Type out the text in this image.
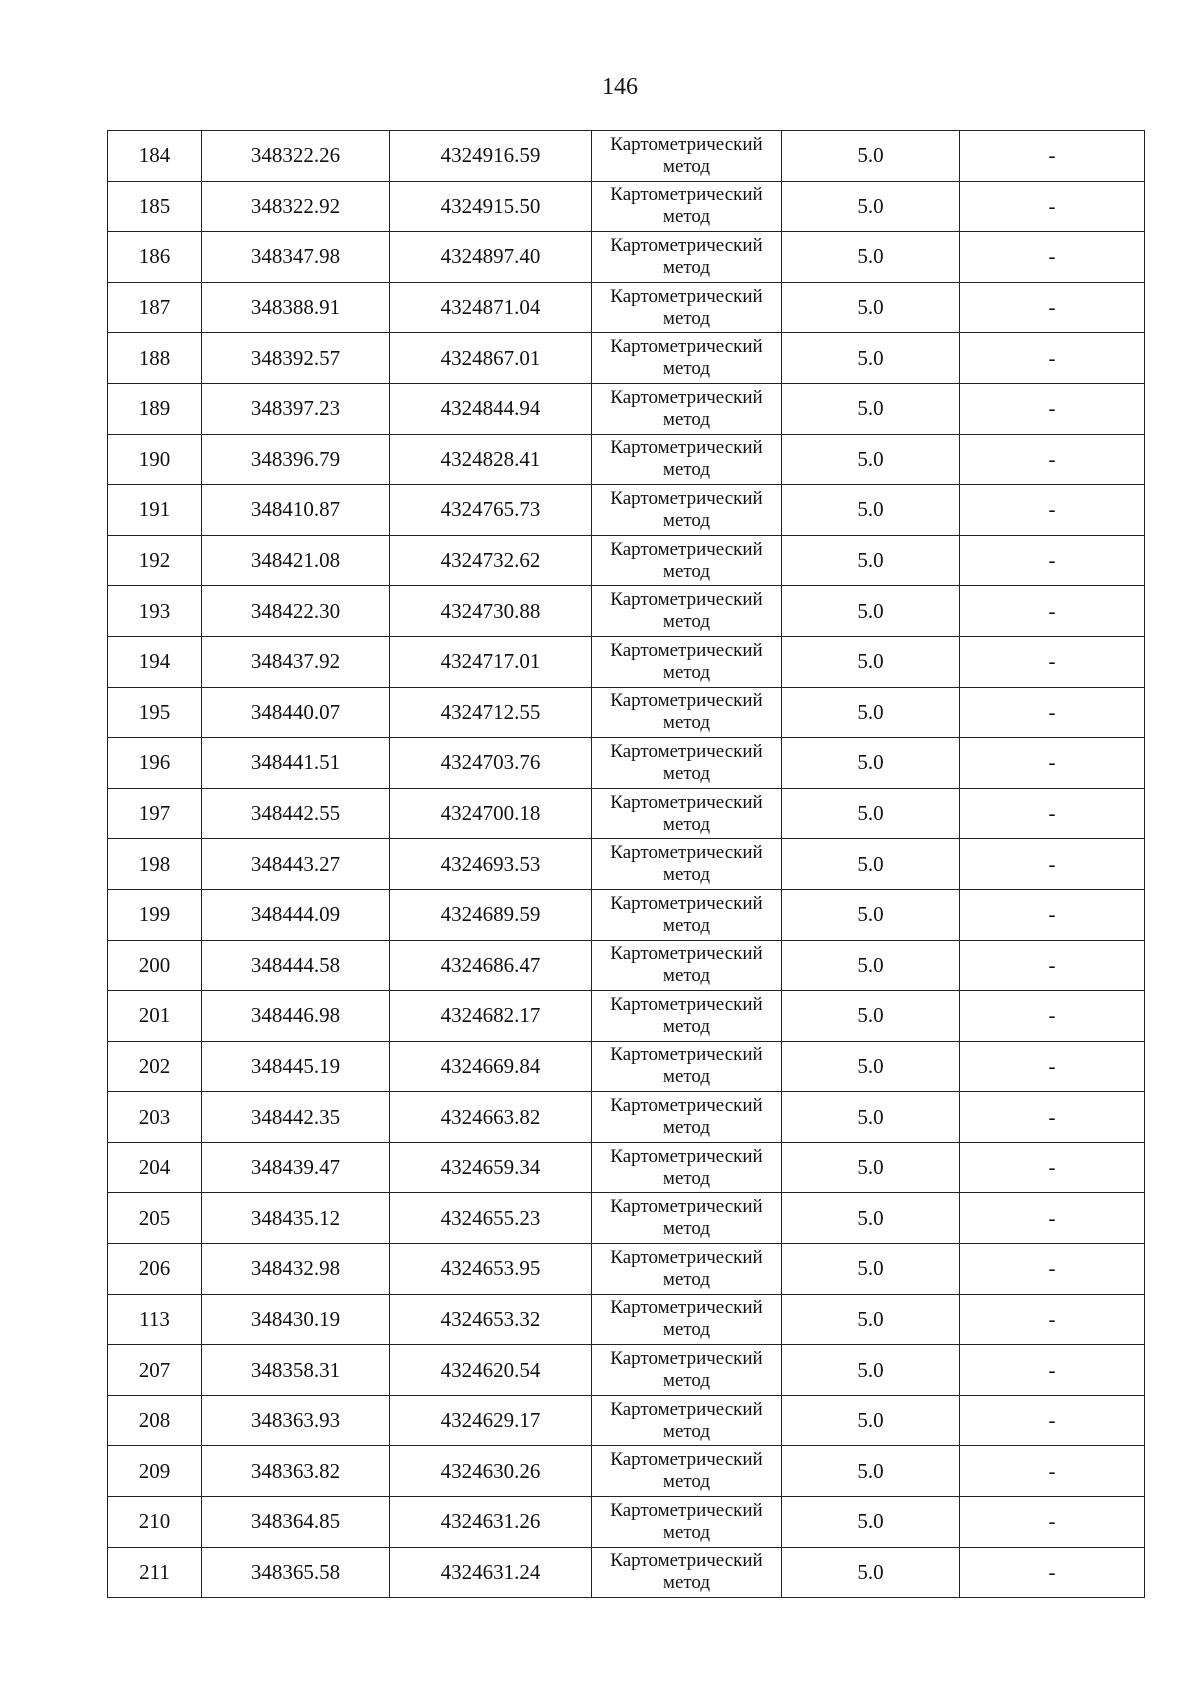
146
184	348322.26	4324916.59	Картометрический
метод	5.0	-
185	348322.92	4324915.50	Картометрический
метод	5.0	-
186	348347.98	4324897.40	Картометрический
метод	5.0	-
187	348388.91	4324871.04	Картометрический
метод	5.0	-
188	348392.57	4324867.01	Картометрический
метод	5.0	-
189	348397.23	4324844.94	Картометрический
метод	5.0	-
190	348396.79	4324828.41	Картометрический
метод	5.0	-
191	348410.87	4324765.73	Картометрический
метод	5.0	-
192	348421.08	4324732.62	Картометрический
метод	5.0	-
193	348422.30	4324730.88	Картометрический
метод	5.0	-
194	348437.92	4324717.01	Картометрический
метод	5.0	-
195	348440.07	4324712.55	Картометрический
метод	5.0	-
196	348441.51	4324703.76	Картометрический
метод	5.0	-
197	348442.55	4324700.18	Картометрический
метод	5.0	-
198	348443.27	4324693.53	Картометрический
метод	5.0	-
199	348444.09	4324689.59	Картометрический
метод	5.0	-
200	348444.58	4324686.47	Картометрический
метод	5.0	-
201	348446.98	4324682.17	Картометрический
метод	5.0	-
202	348445.19	4324669.84	Картометрический
метод	5.0	-
203	348442.35	4324663.82	Картометрический
метод	5.0	-
204	348439.47	4324659.34	Картометрический
метод	5.0	-
205	348435.12	4324655.23	Картометрический
метод	5.0	-
206	348432.98	4324653.95	Картометрический
метод	5.0	-
113	348430.19	4324653.32	Картометрический
метод	5.0	-
207	348358.31	4324620.54	Картометрический
метод	5.0	-
208	348363.93	4324629.17	Картометрический
метод	5.0	-
209	348363.82	4324630.26	Картометрический
метод	5.0	-
210	348364.85	4324631.26	Картометрический
метод	5.0	-
211	348365.58	4324631.24	Картометрический
метод	5.0	-
